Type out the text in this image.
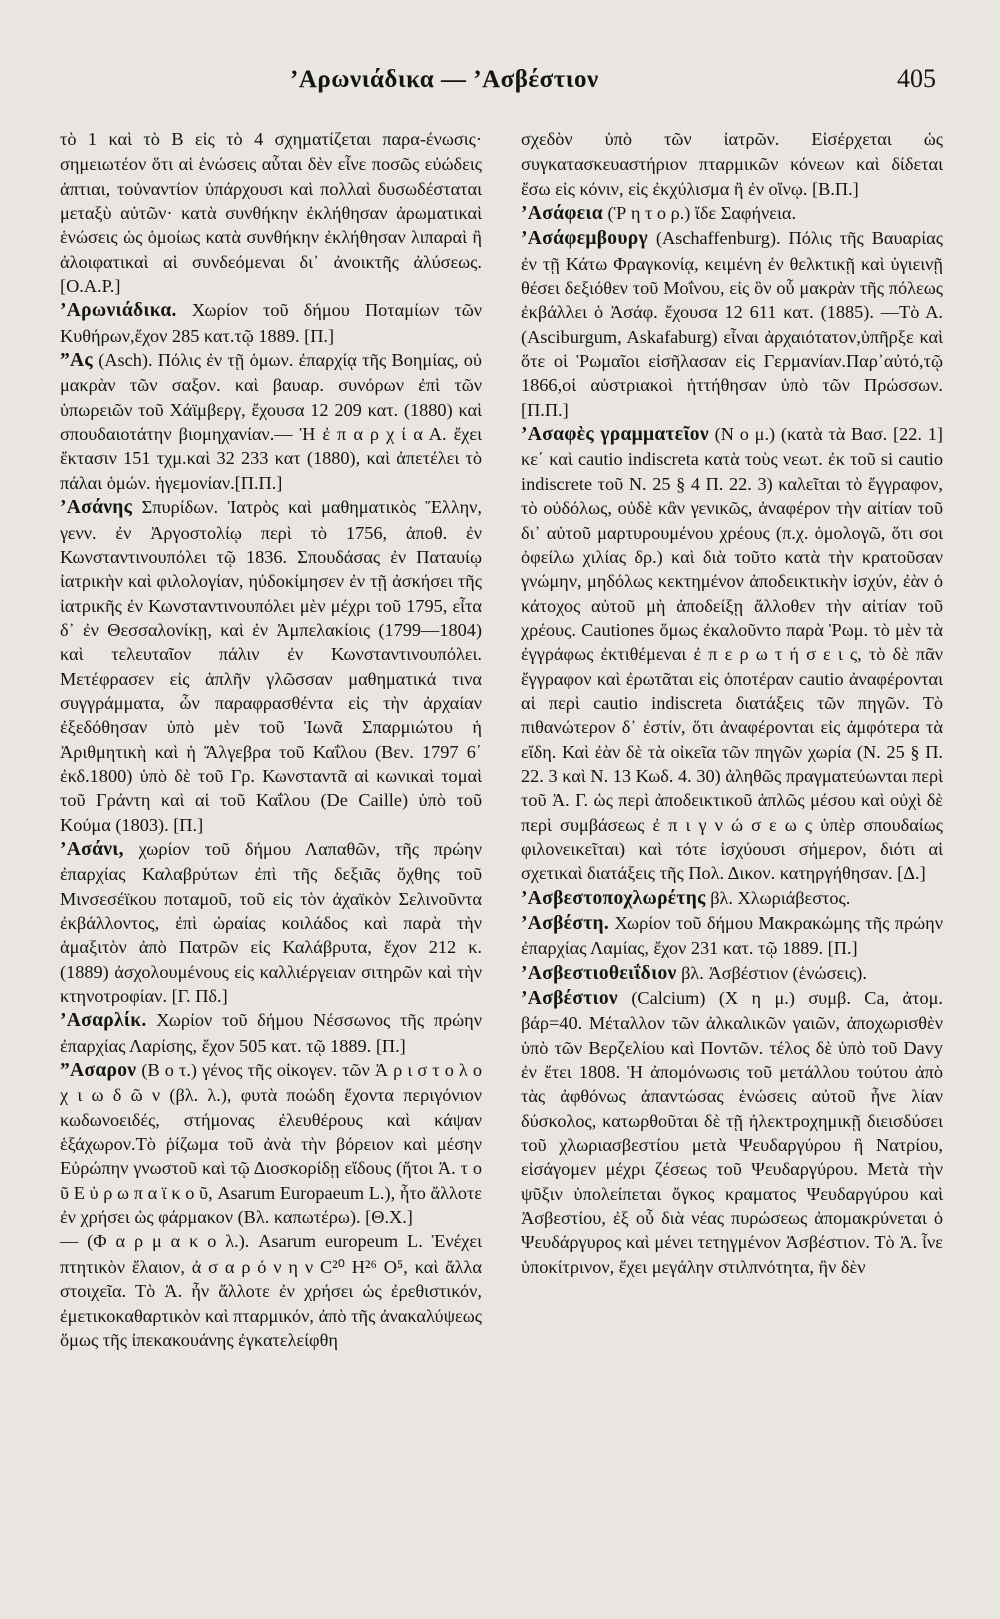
’Αρωνιάδικα — ’Ασβέστιον	405

τὸ 1 καὶ τὸ B εἰς τὸ 4 σχηματίζεται παρα-ένωσις· σημειωτέον ὅτι αἱ ἑνώσεις αὗται δὲν εἶνε ποσῶς εὐώδεις ἀπτιαι, τοὐναντίον ὑπάρχουσι καὶ πολλαὶ δυσωδέσταται μεταξὺ αὐτῶν· κατὰ συνθήκην ἐκλήθησαν ἀρωματικαὶ ἑνώσεις ὡς ὁμοίως κατὰ συνθήκην ἐκλήθησαν λιπαραὶ ἢ ἀλοιφατικαὶ αἱ συνδεόμεναι δι᾽ ἀνοικτῆς ἀλύσεως. [Ο.Α.Ρ.]

’Αρωνιάδικα. Χωρίον τοῦ δήμου Ποταμίων τῶν Κυθήρων,ἔχον 285 κατ.τῷ 1889. [Π.]

”Ας (Asch). Πόλις ἐν τῇ ὁμων. ἐπαρχίᾳ τῆς Βοημίας, οὐ μακρὰν τῶν σαξον. καὶ βαυαρ. συνόρων ἐπὶ τῶν ὑπωρειῶν τοῦ Χάϊμβεργ, ἔχουσα 12 209 κατ. (1880) καὶ σπουδαιοτάτην βιομηχανίαν.— Ἡ ἐ π α ρ χ ί α Α. ἔχει ἔκτασιν 151 τχμ.καὶ 32 233 κατ (1880), καὶ ἀπετέλει τὸ πάλαι ὁμών. ἡγεμονίαν.[Π.Π.]

’Ασάνης Σπυρίδων. Ἰατρὸς καὶ μαθηματικὸς Ἕλλην, γενν. ἐν Ἀργοστολίῳ περὶ τὸ 1756, ἀποθ. ἐν Κωνσταντινουπόλει τῷ 1836. Σπουδάσας ἐν Παταυίῳ ἰατρικὴν καὶ φιλολογίαν, ηὐδοκίμησεν ἐν τῇ ἀσκήσει τῆς ἰατρικῆς ἐν Κωνσταντινουπόλει μὲν μέχρι τοῦ 1795, εἶτα δ᾽ ἐν Θεσσαλονίκῃ, καὶ ἐν Ἀμπελακίοις (1799—1804) καὶ τελευταῖον πάλιν ἐν Κωνσταντινουπόλει. Μετέφρασεν εἰς ἁπλῆν γλῶσσαν μαθηματικά τινα συγγράμματα, ὧν παραφρασθέντα εἰς τὴν ἀρχαίαν ἐξεδόθησαν ὑπὸ μὲν τοῦ Ἰωνᾶ Σπαρμιώτου ἡ Ἀριθμητικὴ καὶ ἡ Ἄλγεβρα τοῦ Καΐλου (Βεν. 1797 6΄ ἐκδ.1800) ὑπὸ δὲ τοῦ Γρ. Κωνσταντᾶ αἱ κωνικαὶ τομαὶ τοῦ Γράντη καὶ αἱ τοῦ Καΐλου (De Caille) ὑπὸ τοῦ Κούμα (1803). [Π.]

’Ασάνι, χωρίον τοῦ δήμου Λαπαθῶν, τῆς πρώην ἐπαρχίας Καλαβρύτων ἐπὶ τῆς δεξιᾶς ὄχθης τοῦ Μινσεσέϊκου ποταμοῦ, τοῦ εἰς τὸν ἀχαϊκὸν Σελινοῦντα ἐκβάλλοντος, ἐπὶ ὡραίας κοιλάδος καὶ παρὰ τὴν ἁμαξιτὸν ἀπὸ Πατρῶν εἰς Καλάβρυτα, ἔχον 212 κ. (1889) ἀσχολουμένους εἰς καλλιέργειαν σιτηρῶν καὶ τὴν κτηνοτροφίαν. [Γ. Πδ.]

’Ασαρλίκ. Χωρίον τοῦ δήμου Νέσσωνος τῆς πρώην ἐπαρχίας Λαρίσης, ἔχον 505 κατ. τῷ 1889. [Π.]

”Ασαρον (Β ο τ.) γένος τῆς οἰκογεν. τῶν Ἀ ρ ι σ τ ο λ ο χ ι ω δ ῶ ν (βλ. λ.), φυτὰ ποώδη ἔχοντα περιγόνιον κωδωνοειδές, στήμονας ἐλευθέρους καὶ κάψαν ἑξάχωρον.Τὸ ῥίζωμα τοῦ ἀνὰ τὴν βόρειον καὶ μέσην Εὐρώπην γνωστοῦ καὶ τῷ Διοσκορίδῃ εἴδους (ἤτοι Ἀ. τ ο ῦ Ε ὐ ρ ω π α ϊ κ ο ῦ, Asarum Europaeum L.), ἦτο ἄλλοτε ἐν χρήσει ὡς φάρμακον (Βλ. καπωτέρω). [Θ.Χ.]

— (Φ α ρ μ α κ ο λ.). Asarum europeum L. Ἐνέχει πτητικὸν ἔλαιον, ἀ σ α ρ ό ν η ν C²⁰ H²⁶ O⁵, καὶ ἄλλα στοιχεῖα. Τὸ Ἀ. ἦν ἄλλοτε ἐν χρήσει ὡς ἐρεθιστικόν, ἐμετικοκαθαρτικὸν καὶ πταρμικόν, ἀπὸ τῆς ἀνακαλύψεως ὅμως τῆς ἰπεκακουάνης ἐγκατελείφθη

σχεδὸν ὑπὸ τῶν ἰατρῶν. Εἰσέρχεται ὡς συγκατασκευαστήριον πταρμικῶν κόνεων καὶ δίδεται ἔσω εἰς κόνιν, εἰς ἐκχύλισμα ἢ ἐν οἴνῳ. [Β.Π.]

’Ασάφεια (Ῥ η τ ο ρ.) ἴδε Σαφήνεια.

’Ασάφεμβουργ (Aschaffenburg). Πόλις τῆς Βαυαρίας ἐν τῇ Κάτω Φραγκονίᾳ, κειμένη ἐν θελκτικῇ καὶ ὑγιεινῇ θέσει δεξιόθεν τοῦ Μοΐνου, εἰς ὃν οὗ μακρὰν τῆς πόλεως ἐκβάλλει ὁ Ἀσάφ. ἔχουσα 12 611 κατ. (1885). —Τὸ Α. (Asciburgum, Askafaburg) εἶναι ἀρχαιότατον,ὑπῆρξε καὶ ὅτε οἱ Ῥωμαῖοι εἰσῆλασαν εἰς Γερμανίαν.Παρ᾽αὐτό,τῷ 1866,οἱ αὐστριακοὶ ἡττήθησαν ὑπὸ τῶν Πρώσσων. [Π.Π.]

’Ασαφὲς γραμματεῖον (Ν ο μ.) (κατὰ τὰ Βασ. [22. 1] κε΄ καὶ cautio indiscreta κατὰ τοὺς νεωτ. ἐκ τοῦ si cautio indiscrete τοῦ Ν. 25 § 4 Π. 22. 3) καλεῖται τὸ ἔγγραφον, τὸ οὐδόλως, οὐδὲ κἂν γενικῶς, ἀναφέρον τὴν αἰτίαν τοῦ δι᾽ αὐτοῦ μαρτυρουμένου χρέους (π.χ. ὁμολογῶ, ὅτι σοι ὀφείλω χιλίας δρ.) καὶ διὰ τοῦτο κατὰ τὴν κρατοῦσαν γνώμην, μηδόλως κεκτημένον ἀποδεικτικὴν ἰσχύν, ἐὰν ὁ κάτοχος αὐτοῦ μὴ ἀποδείξῃ ἄλλοθεν τὴν αἰτίαν τοῦ χρέους. Cautiones ὅμως ἐκαλοῦντο παρὰ Ῥωμ. τὸ μὲν τὰ ἐγγράφως ἐκτιθέμεναι ἐ π ε ρ ω τ ή σ ε ι ς, τὸ δὲ πᾶν ἔγγραφον καὶ ἐρωτᾶται εἰς ὁποτέραν cautio ἀναφέρονται αἱ περὶ cautio indiscreta διατάξεις τῶν πηγῶν. Τὸ πιθανώτερον δ᾽ ἐστίν, ὅτι ἀναφέρονται εἰς ἀμφότερα τὰ εἴδη. Καὶ ἐὰν δὲ τὰ οἰκεῖα τῶν πηγῶν χωρία (Ν. 25 § Π. 22. 3 καὶ Ν. 13 Κωδ. 4. 30) ἀληθῶς πραγματεύωνται περὶ τοῦ Ἀ. Γ. ὡς περὶ ἀποδεικτικοῦ ἁπλῶς μέσου καὶ οὐχὶ δὲ περὶ συμβάσεως ἐ π ι γ ν ώ σ ε ω ς ὑπὲρ σπουδαίως φιλονεικεῖται) καὶ τότε ἰσχύουσι σήμερον, διότι αἱ σχετικαὶ διατάξεις τῆς Πολ. Δικον. κατηργήθησαν. [Δ.]

’Ασβεστοποχλωρέτης βλ. Χλωριάβεστος.

’Ασβέστη. Χωρίον τοῦ δήμου Μακρακώμης τῆς πρώην ἐπαρχίας Λαμίας, ἔχον 231 κατ. τῷ 1889. [Π.]

’Ασβεστιοθειΐδιον βλ. Ἀσβέστιον (ἑνώσεις).

’Ασβέστιον (Calcium) (Χ η μ.) συμβ. Ca, ἀτομ. βάρ=40. Μέταλλον τῶν ἀλκαλικῶν γαιῶν, ἀποχωρισθὲν ὑπὸ τῶν Βερζελίου καὶ Ποντῶν. τέλος δὲ ὑπὸ τοῦ Davy ἐν ἔτει 1808. Ἡ ἀπομόνωσις τοῦ μετάλλου τούτου ἀπὸ τὰς ἀφθόνως ἀπαντώσας ἑνώσεις αὐτοῦ ἦνε λίαν δύσκολος, κατωρθοῦται δὲ τῇ ἠλεκτροχημικῇ διεισδύσει τοῦ χλωριασβεστίου μετὰ Ψευδαργύρου ἢ Νατρίου, εἰσάγομεν μέχρι ζέσεως τοῦ Ψευδαργύρου. Μετὰ τὴν ψῦξιν ὑπολείπεται ὄγκος κραματος Ψευδαργύρου καὶ Ἀσβεστίου, ἐξ οὗ διὰ νέας πυρώσεως ἀπομακρύνεται ὁ Ψευδάργυρος καὶ μένει τετηγμένον Ἀσβέστιον. Τὸ Ἀ. ἶνε ὑποκίτρινον, ἔχει μεγάλην στιλπνότητα, ἢν δὲν
